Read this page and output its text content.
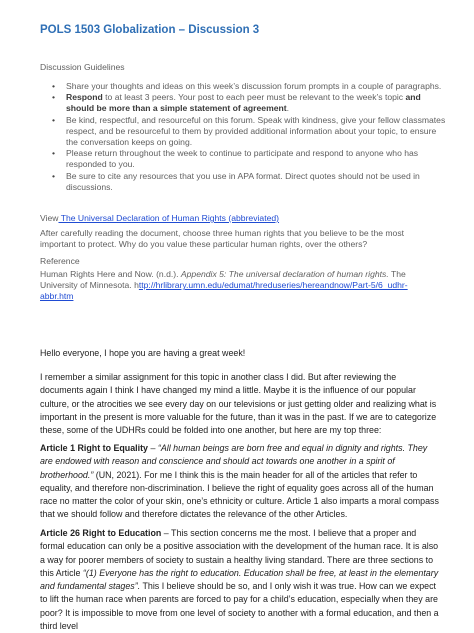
POLS 1503 Globalization – Discussion 3

Discussion Guidelines

• Share your thoughts and ideas on this week’s discussion forum prompts in a couple of paragraphs.
• Respond to at least 3 peers. Your post to each peer must be relevant to the week’s topic and should be more than a simple statement of agreement.
• Be kind, respectful, and resourceful on this forum. Speak with kindness, give your fellow classmates respect, and be resourceful to them by provided additional information about your topic, to ensure the conversation keeps on going.
• Please return throughout the week to continue to participate and respond to anyone who has responded to you.
• Be sure to cite any resources that you use in APA format. Direct quotes should not be used in discussions.

View The Universal Declaration of Human Rights (abbreviated)

After carefully reading the document, choose three human rights that you believe to be the most important to protect. Why do you value these particular human rights, over the others?

Reference

Human Rights Here and Now. (n.d.). Appendix 5: The universal declaration of human rights. The University of Minnesota. http://hrlibrary.umn.edu/edumat/hreduseries/hereandnow/Part-5/6_udhr-abbr.htm

Hello everyone, I hope you are having a great week!

I remember a similar assignment for this topic in another class I did. But after reviewing the documents again I think I have changed my mind a little. Maybe it is the influence of our popular culture, or the atrocities we see every day on our televisions or just getting older and realizing what is important in the present is more valuable for the future, than it was in the past. If we are to categorize these, some of the UDHRs could be folded into one another, but here are my top three:

Article 1 Right to Equality – “All human beings are born free and equal in dignity and rights. They are endowed with reason and conscience and should act towards one another in a spirit of brotherhood.” (UN, 2021). For me I think this is the main header for all of the articles that refer to equality, and therefore non-discrimination. I believe the right of equality goes across all of the human race no matter the color of your skin, one’s ethnicity or culture. Article 1 also imparts a moral compass that we should follow and therefore dictates the relevance of the other Articles.

Article 26 Right to Education – This section concerns me the most. I believe that a proper and formal education can only be a positive association with the development of the human race. It is also a way for poorer members of society to sustain a healthy living standard. There are three sections to this Article “(1) Everyone has the right to education. Education shall be free, at least in the elementary and fundamental stages”. This I believe should be so, and I only wish it was true. How can we expect to lift the human race when parents are forced to pay for a child’s education, especially when they are poor? It is impossible to move from one level of society to another with a formal education, and then a third level
